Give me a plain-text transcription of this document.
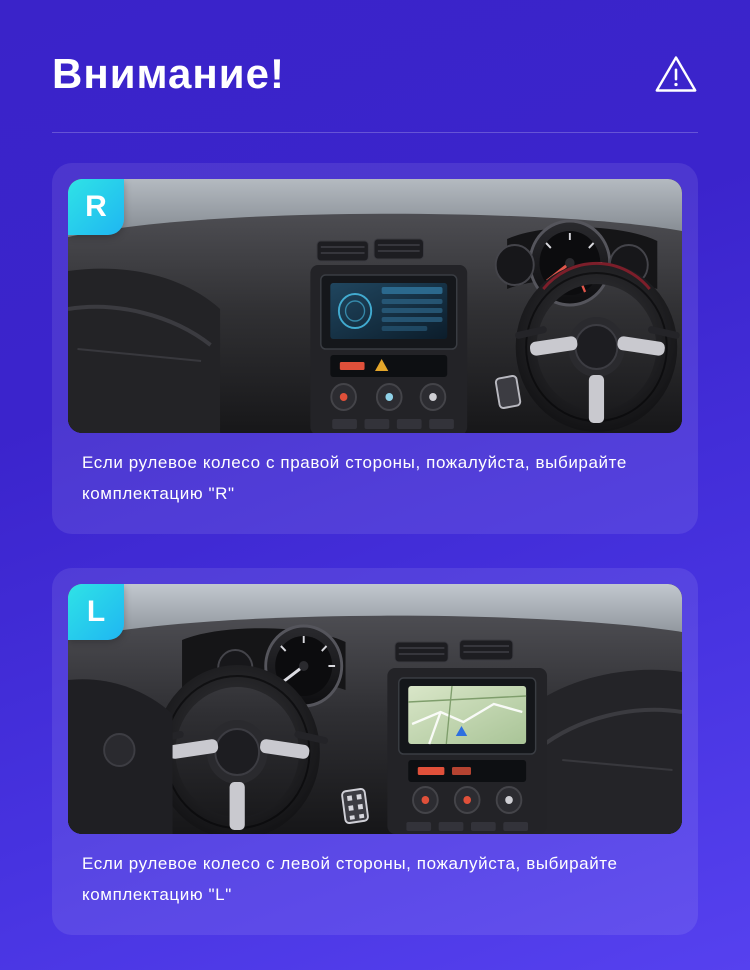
Внимание!
R

Если рулевое колесо с правой стороны, пожалуйста, выбирайте комплектацию "R"

L

Если рулевое колесо с левой стороны, пожалуйста, выбирайте комплектацию "L"
